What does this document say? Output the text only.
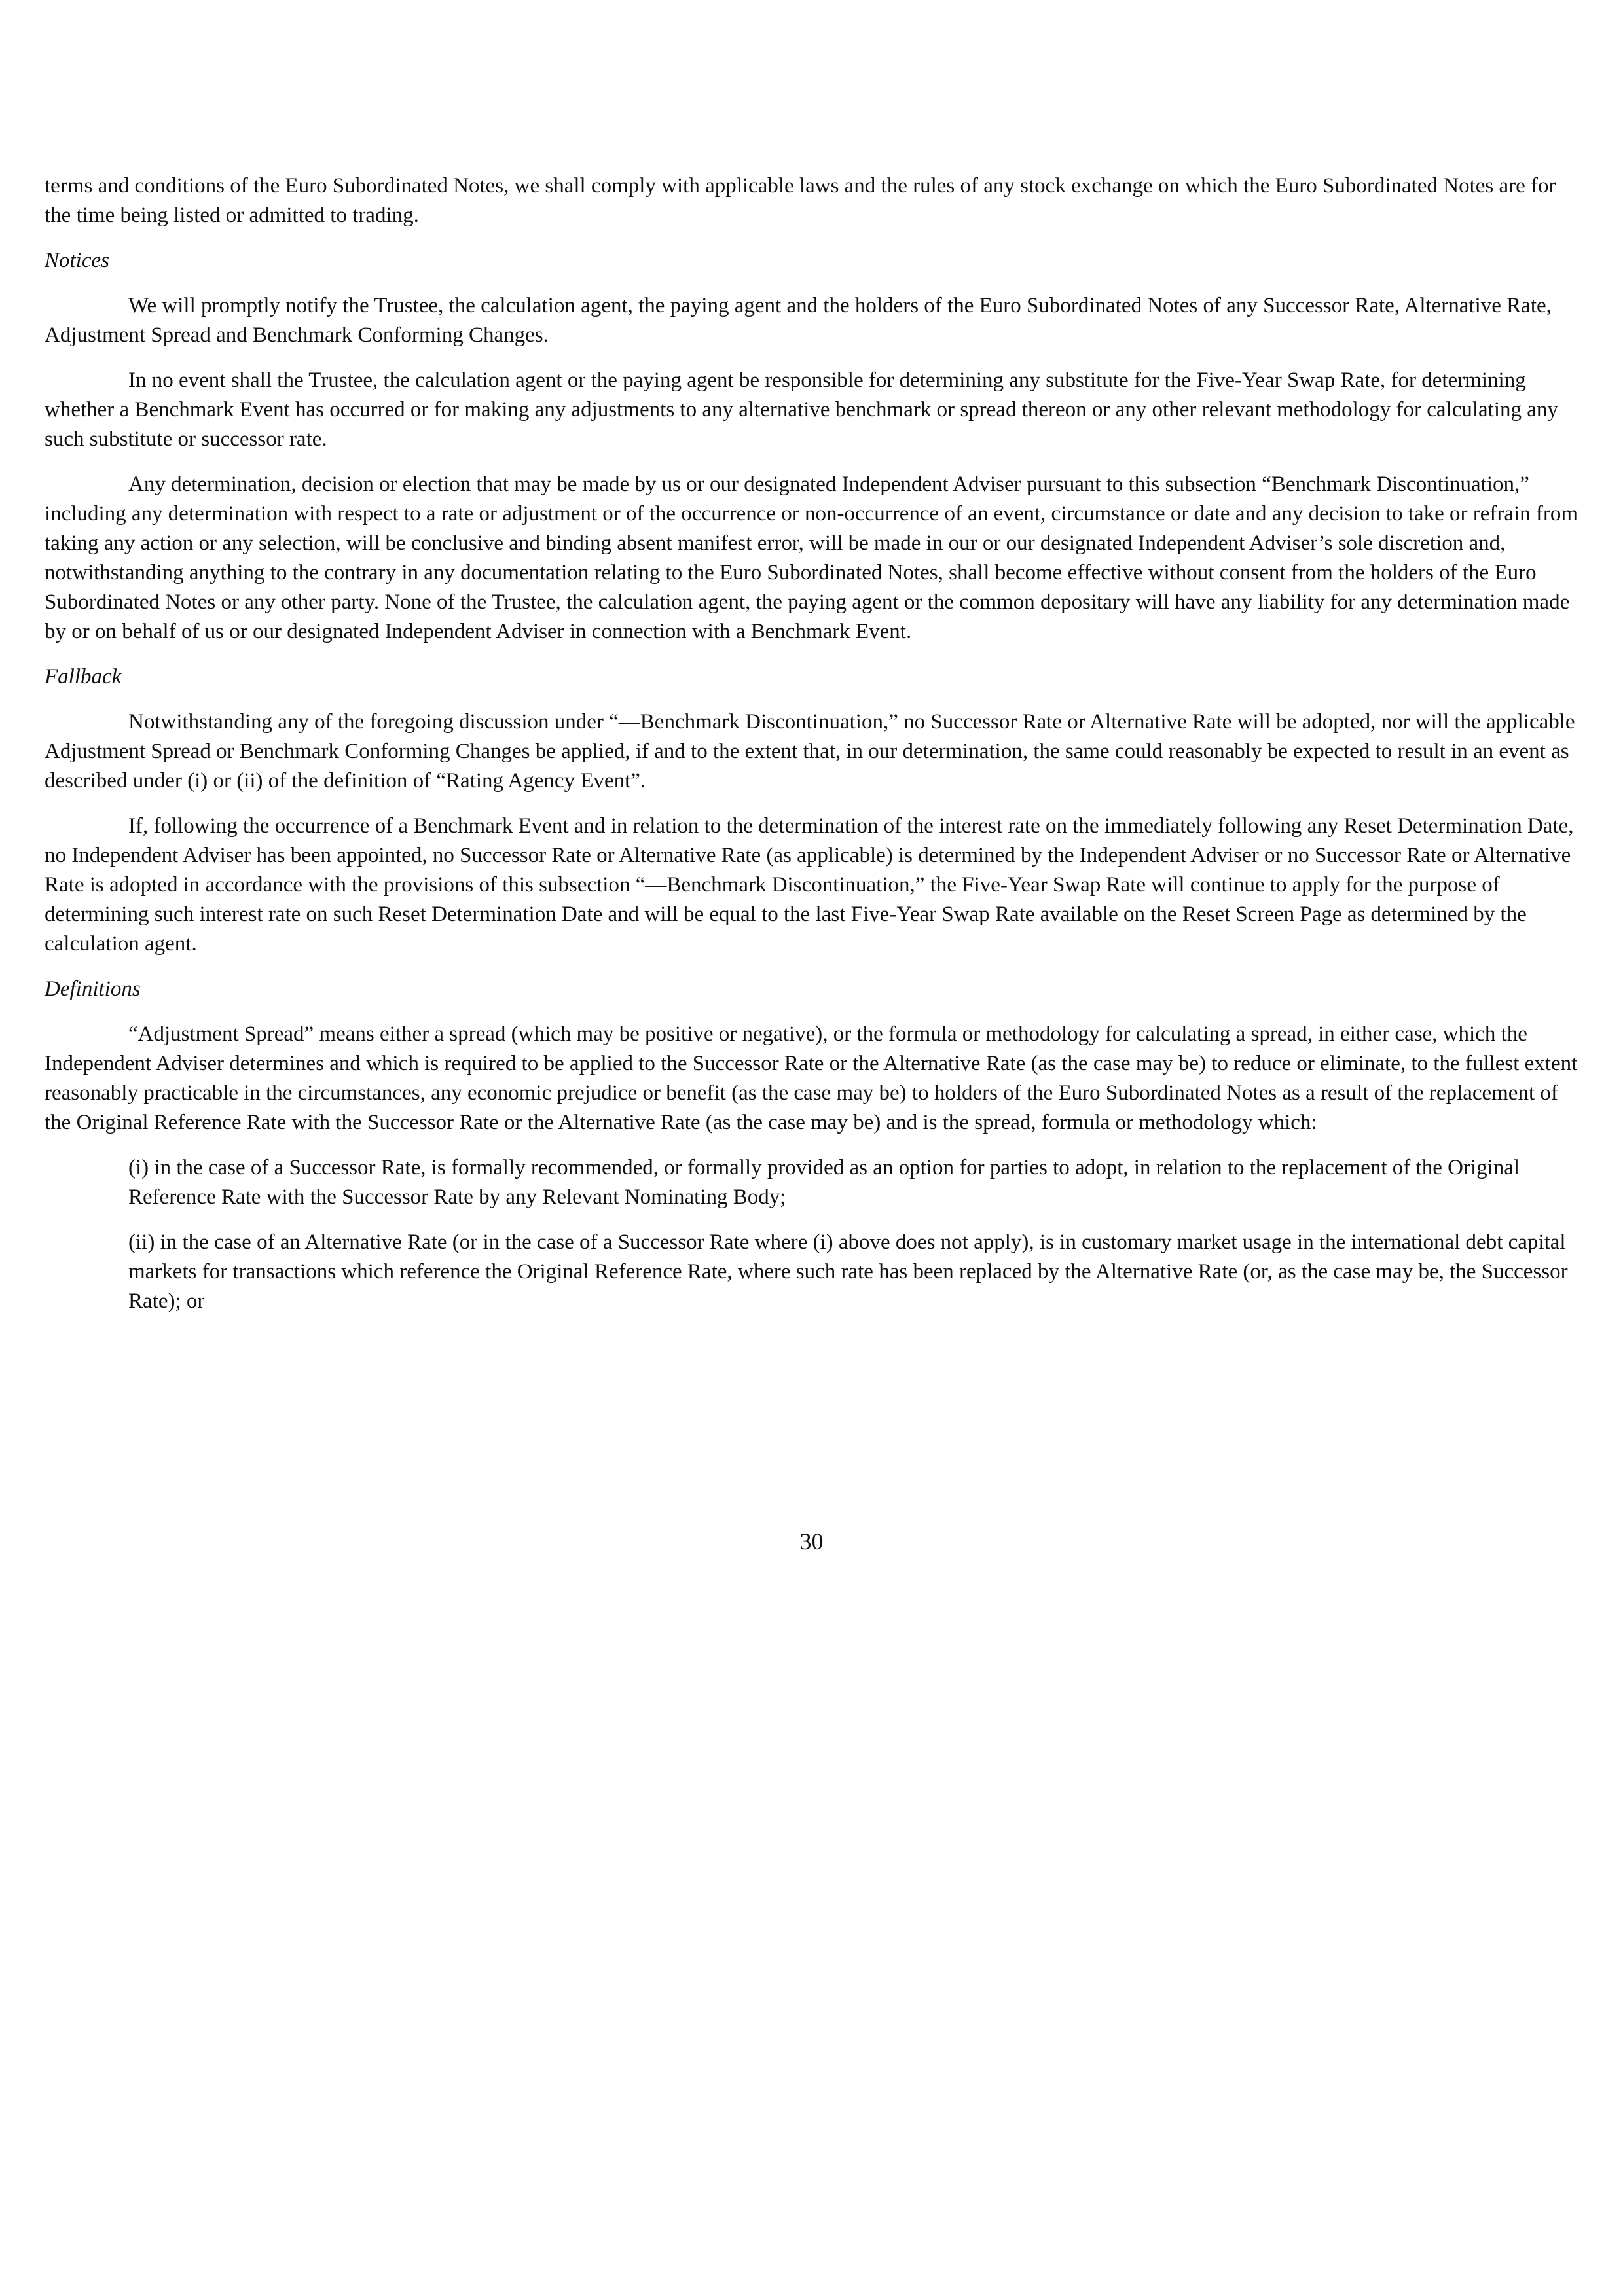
terms and conditions of the Euro Subordinated Notes, we shall comply with applicable laws and the rules of any stock exchange on which the Euro Subordinated Notes are for the time being listed or admitted to trading.

Notices

We will promptly notify the Trustee, the calculation agent, the paying agent and the holders of the Euro Subordinated Notes of any Successor Rate, Alternative Rate, Adjustment Spread and Benchmark Conforming Changes.

In no event shall the Trustee, the calculation agent or the paying agent be responsible for determining any substitute for the Five-Year Swap Rate, for determining whether a Benchmark Event has occurred or for making any adjustments to any alternative benchmark or spread thereon or any other relevant methodology for calculating any such substitute or successor rate.

Any determination, decision or election that may be made by us or our designated Independent Adviser pursuant to this subsection “Benchmark Discontinuation,” including any determination with respect to a rate or adjustment or of the occurrence or non-occurrence of an event, circumstance or date and any decision to take or refrain from taking any action or any selection, will be conclusive and binding absent manifest error, will be made in our or our designated Independent Adviser’s sole discretion and, notwithstanding anything to the contrary in any documentation relating to the Euro Subordinated Notes, shall become effective without consent from the holders of the Euro Subordinated Notes or any other party. None of the Trustee, the calculation agent, the paying agent or the common depositary will have any liability for any determination made by or on behalf of us or our designated Independent Adviser in connection with a Benchmark Event.

Fallback

Notwithstanding any of the foregoing discussion under “—Benchmark Discontinuation,” no Successor Rate or Alternative Rate will be adopted, nor will the applicable Adjustment Spread or Benchmark Conforming Changes be applied, if and to the extent that, in our determination, the same could reasonably be expected to result in an event as described under (i) or (ii) of the definition of “Rating Agency Event”.

If, following the occurrence of a Benchmark Event and in relation to the determination of the interest rate on the immediately following any Reset Determination Date, no Independent Adviser has been appointed, no Successor Rate or Alternative Rate (as applicable) is determined by the Independent Adviser or no Successor Rate or Alternative Rate is adopted in accordance with the provisions of this subsection “—Benchmark Discontinuation,” the Five-Year Swap Rate will continue to apply for the purpose of determining such interest rate on such Reset Determination Date and will be equal to the last Five-Year Swap Rate available on the Reset Screen Page as determined by the calculation agent.

Definitions

“Adjustment Spread” means either a spread (which may be positive or negative), or the formula or methodology for calculating a spread, in either case, which the Independent Adviser determines and which is required to be applied to the Successor Rate or the Alternative Rate (as the case may be) to reduce or eliminate, to the fullest extent reasonably practicable in the circumstances, any economic prejudice or benefit (as the case may be) to holders of the Euro Subordinated Notes as a result of the replacement of the Original Reference Rate with the Successor Rate or the Alternative Rate (as the case may be) and is the spread, formula or methodology which:

(i) in the case of a Successor Rate, is formally recommended, or formally provided as an option for parties to adopt, in relation to the replacement of the Original Reference Rate with the Successor Rate by any Relevant Nominating Body;

(ii) in the case of an Alternative Rate (or in the case of a Successor Rate where (i) above does not apply), is in customary market usage in the international debt capital markets for transactions which reference the Original Reference Rate, where such rate has been replaced by the Alternative Rate (or, as the case may be, the Successor Rate); or

30
